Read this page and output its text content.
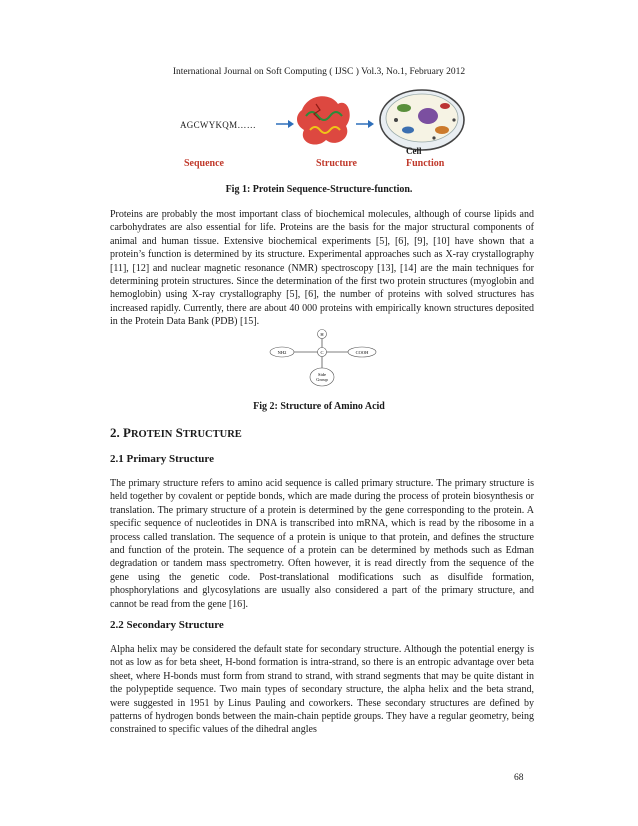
International Journal on Soft Computing ( IJSC ) Vol.3, No.1, February 2012
AGCWYKQM……
Cell
Sequence	Structure	Function
Fig 1: Protein Sequence-Structure-function.

Proteins are probably the most important class of biochemical molecules, although of course lipids and carbohydrates are also essential for life. Proteins are the basis for the major structural components of animal and human tissue. Extensive biochemical experiments [5], [6], [9], [10] have shown that a protein’s function is determined by its structure. Experimental approaches such as X-ray crystallography [11], [12] and nuclear magnetic resonance (NMR) spectroscopy [13], [14] are the main techniques for determining protein structures. Since the determination of the first two protein structures (myoglobin and hemoglobin) using X-ray crystallography [5], [6], the number of proteins with solved structures has increased rapidly. Currently, there are about 40 000 proteins with empirically known structures deposited in the Protein Data Bank (PDB) [15].

H
NH2	C	COOH
Side
Group
Fig 2: Structure of Amino Acid
2. PROTEIN STRUCTURE
2.1 Primary Structure

The primary structure refers to amino acid sequence is called primary structure. The primary structure is held together by covalent or peptide bonds, which are made during the process of protein biosynthesis or translation. The primary structure of a protein is determined by the gene corresponding to the protein. A specific sequence of nucleotides in DNA is transcribed into mRNA, which is read by the ribosome in a process called translation. The sequence of a protein is unique to that protein, and defines the structure and function of the protein. The sequence of a protein can be determined by methods such as Edman degradation or tandem mass spectrometry. Often however, it is read directly from the sequence of the gene using the genetic code. Post-translational modifications such as disulfide formation, phosphorylations and glycosylations are usually also considered a part of the primary structure, and cannot be read from the gene [16].

2.2 Secondary Structure

Alpha helix may be considered the default state for secondary structure. Although the potential energy is not as low as for beta sheet, H-bond formation is intra-strand, so there is an entropic advantage over beta sheet, where H-bonds must form from strand to strand, with strand segments that may be quite distant in the polypeptide sequence. Two main types of secondary structure, the alpha helix and the beta strand, were suggested in 1951 by Linus Pauling and coworkers. These secondary structures are defined by patterns of hydrogen bonds between the main-chain peptide groups. They have a regular geometry, being constrained to specific values of the dihedral angles

68
